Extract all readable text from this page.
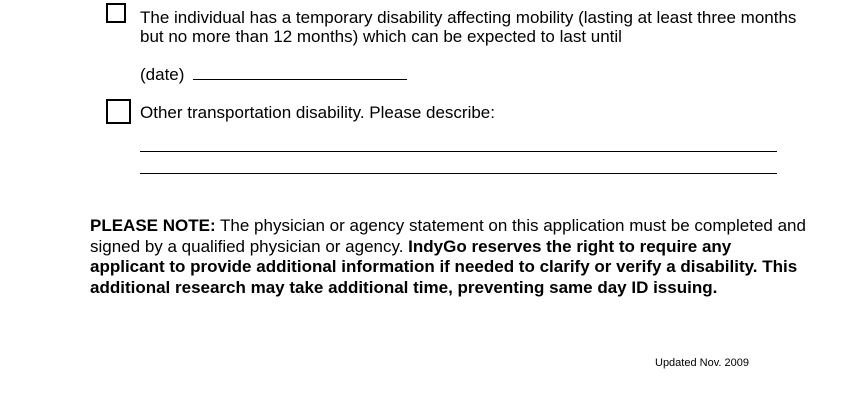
The individual has a temporary disability affecting mobility (lasting at least three months
but no more than 12 months) which can be expected to last until
(date)
Other transportation disability. Please describe:
PLEASE NOTE: The physician or agency statement on this application must be completed and signed by a qualified physician or agency. IndyGo reserves the right to require any applicant to provide additional information if needed to clarify or verify a disability. This additional research may take additional time, preventing same day ID issuing.
Updated Nov. 2009
